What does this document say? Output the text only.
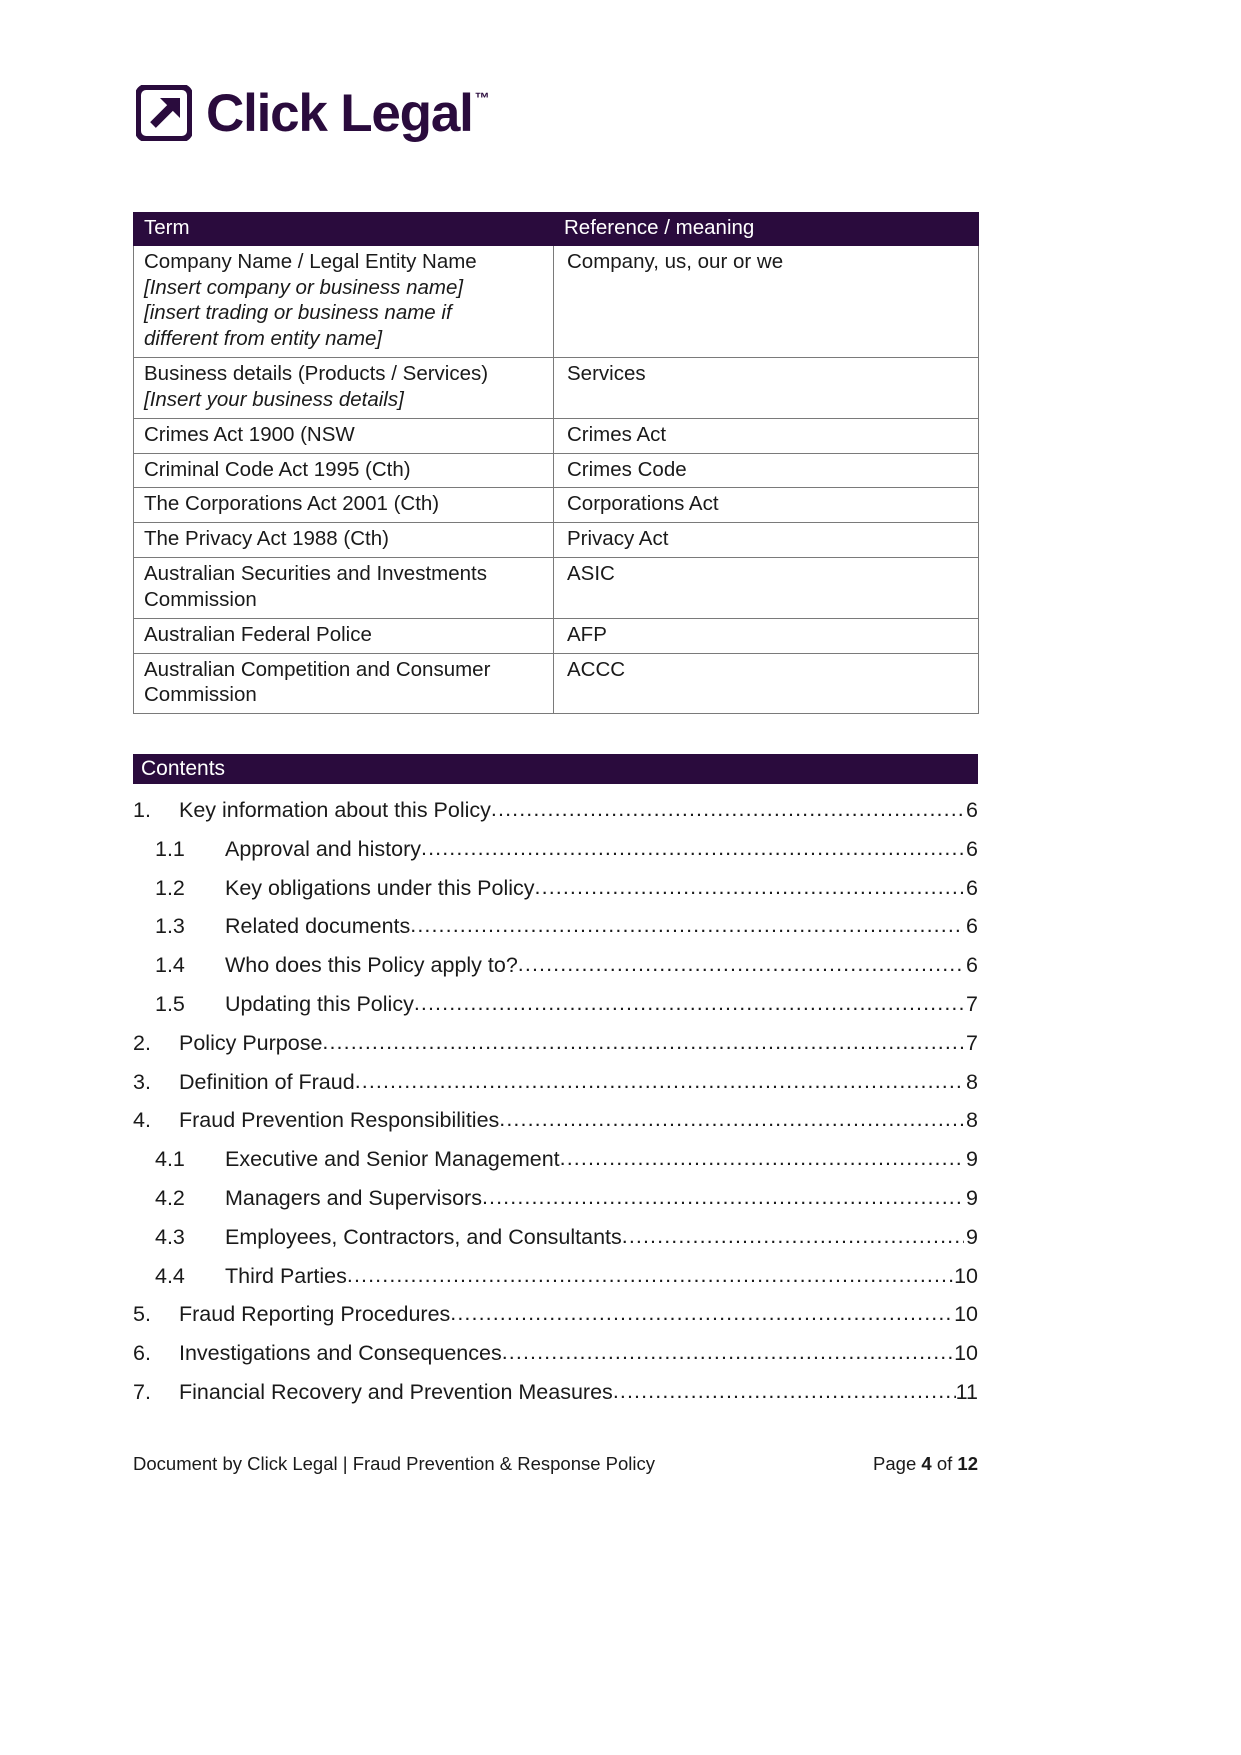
Click Legal ™
Term	Reference / meaning

Company Name / Legal Entity Name
[Insert company or business name]
[insert trading or business name if
different from entity name]	Company, us, our or we

Business details (Products / Services)
[Insert your business details]	Services

Crimes Act 1900 (NSW	Crimes Act

Criminal Code Act 1995 (Cth)	Crimes Code

The Corporations Act 2001 (Cth)	Corporations Act

The Privacy Act 1988 (Cth)	Privacy Act

Australian Securities and Investments
Commission	ASIC

Australian Federal Police	AFP

Australian Competition and Consumer
Commission	ACCC
Contents
1.	Key information about this Policy .....	6
1.1	Approval and history .....	6
1.2	Key obligations under this Policy .....	6
1.3	Related documents .....	6
1.4	Who does this Policy apply to? .....	6
1.5	Updating this Policy .....	7
2.	Policy Purpose .....	7
3.	Definition of Fraud .....	8
4.	Fraud Prevention Responsibilities .....	8
4.1	Executive and Senior Management .....	9
4.2	Managers and Supervisors .....	9
4.3	Employees, Contractors, and Consultants .....	9
4.4	Third Parties .....	10
5.	Fraud Reporting Procedures .....	10
6.	Investigations and Consequences .....	10
7.	Financial Recovery and Prevention Measures .....	11
Document by Click Legal | Fraud Prevention & Response Policy	Page 4 of 12
